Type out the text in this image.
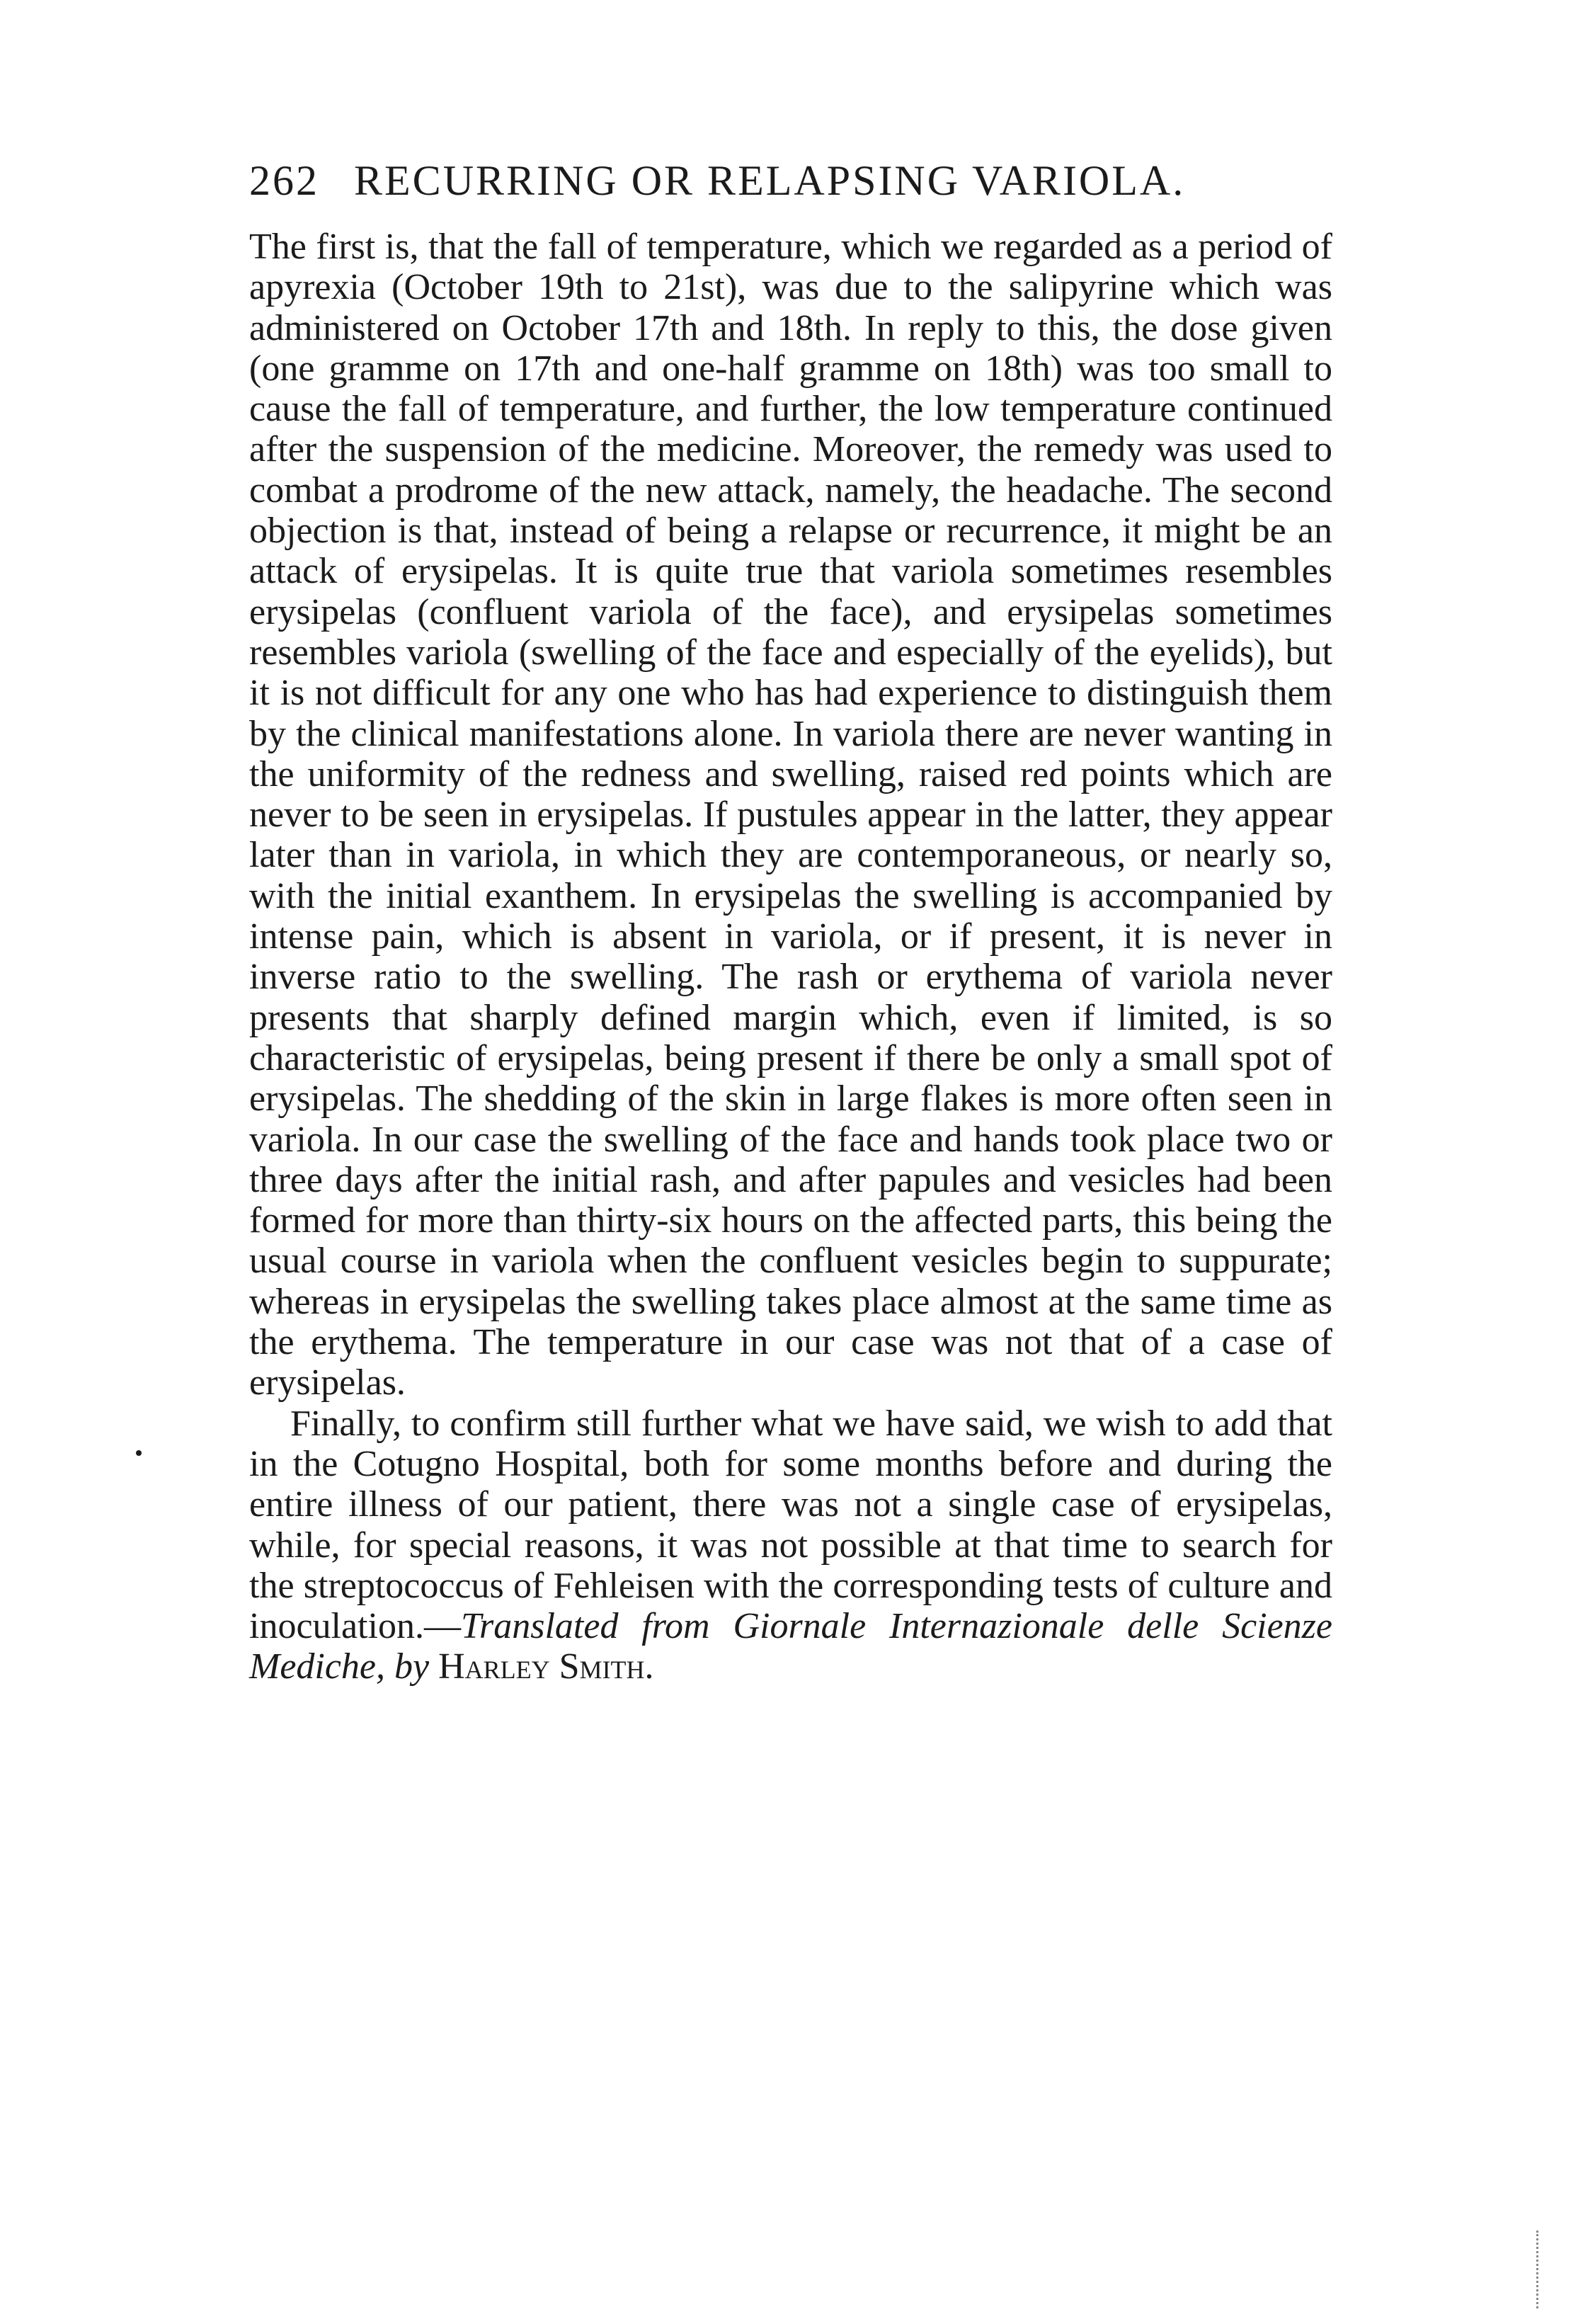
262 RECURRING OR RELAPSING VARIOLA.

The first is, that the fall of temperature, which we regarded as a period of apyrexia (October 19th to 21st), was due to the salipyrine which was administered on October 17th and 18th. In reply to this, the dose given (one gramme on 17th and one-half gramme on 18th) was too small to cause the fall of temperature, and further, the low temperature continued after the suspension of the medicine. Moreover, the remedy was used to combat a prodrome of the new attack, namely, the headache. The second objection is that, instead of being a relapse or recurrence, it might be an attack of erysipelas. It is quite true that variola sometimes resembles erysipelas (confluent variola of the face), and erysipelas sometimes resembles variola (swelling of the face and especially of the eyelids), but it is not difficult for any one who has had experience to distinguish them by the clinical manifestations alone. In variola there are never wanting in the uniformity of the redness and swelling, raised red points which are never to be seen in erysipelas. If pustules appear in the latter, they appear later than in variola, in which they are contemporaneous, or nearly so, with the initial exanthem. In erysipelas the swelling is accompanied by intense pain, which is absent in variola, or if present, it is never in inverse ratio to the swelling. The rash or erythema of variola never presents that sharply defined margin which, even if limited, is so characteristic of erysipelas, being present if there be only a small spot of erysipelas. The shedding of the skin in large flakes is more often seen in variola. In our case the swelling of the face and hands took place two or three days after the initial rash, and after papules and vesicles had been formed for more than thirty-six hours on the affected parts, this being the usual course in variola when the confluent vesicles begin to suppurate; whereas in erysipelas the swelling takes place almost at the same time as the erythema. The temperature in our case was not that of a case of erysipelas.

Finally, to confirm still further what we have said, we wish to add that in the Cotugno Hospital, both for some months before and during the entire illness of our patient, there was not a single case of erysipelas, while, for special reasons, it was not possible at that time to search for the streptococcus of Fehleisen with the corresponding tests of culture and inoculation.—Translated from Giornale Internazionale delle Scienze Mediche, by Harley Smith.
